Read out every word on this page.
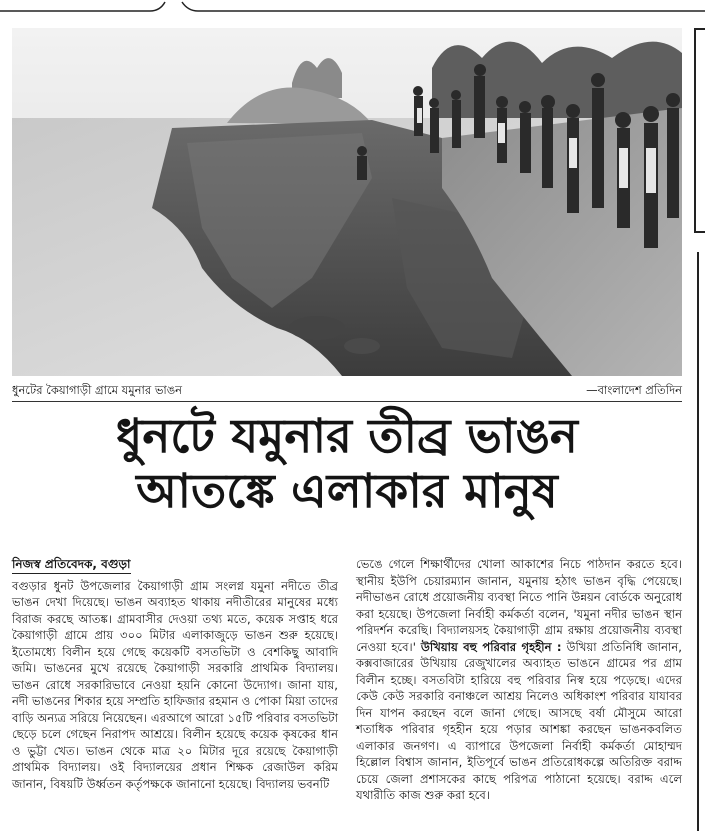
ধুনটের কৈয়াগাড়ী গ্রামে যমুনার ভাঙন	—বাংলাদেশ প্রতিদিন
ধুনটে যমুনার তীব্র ভাঙন
আতঙ্কে এলাকার মানুষ
নিজস্ব প্রতিবেদক, বগুড়া

বগুড়ার ধুনট উপজেলার কৈয়াগাড়ী গ্রাম সংলগ্ন যমুনা নদীতে তীব্র ভাঙন দেখা দিয়েছে। ভাঙন অব্যাহত থাকায় নদীতীরের মানুষের মধ্যে বিরাজ করছে আতঙ্ক। গ্রামবাসীর দেওয়া তথ্য মতে, কয়েক সপ্তাহ ধরে কৈয়াগাড়ী গ্রামে প্রায় ৩০০ মিটার এলাকাজুড়ে ভাঙন শুরু হয়েছে। ইতোমধ্যে বিলীন হয়ে গেছে কয়েকটি বসতভিটা ও বেশকিছু আবাদি জমি। ভাঙনের মুখে রয়েছে কৈয়াগাড়ী সরকারি প্রাথমিক বিদ্যালয়। ভাঙন রোধে সরকারিভাবে নেওয়া হয়নি কোনো উদ্যোগ। জানা যায়, নদী ভাঙনের শিকার হয়ে সম্প্রতি হাফিজার রহমান ও পোকা মিয়া তাদের বাড়ি অন্যত্র সরিয়ে নিয়েছেন। এরআগে আরো ১৫টি পরিবার বসতভিটা ছেড়ে চলে গেছেন নিরাপদ আশ্রয়ে। বিলীন হয়েছে কয়েক কৃষকের ধান ও ভুট্টা খেত। ভাঙন থেকে মাত্র ২০ মিটার দূরে রয়েছে কৈয়াগাড়ী প্রাথমিক বিদ্যালয়। ওই বিদ্যালয়ের প্রধান শিক্ষক রেজাউল করিম জানান, বিষয়টি উর্ধ্বতন কর্তৃপক্ষকে জানানো হয়েছে। বিদ্যালয় ভবনটি

ভেঙে গেলে শিক্ষার্থীদের খোলা আকাশের নিচে পাঠদান করতে হবে। স্থানীয় ইউপি চেয়ারম্যান জানান, যমুনায় হঠাৎ ভাঙন বৃদ্ধি পেয়েছে। নদীভাঙন রোধে প্রয়োজনীয় ব্যবস্থা নিতে পানি উন্নয়ন বোর্ডকে অনুরোধ করা হয়েছে। উপজেলা নির্বাহী কর্মকর্তা বলেন, 'যমুনা নদীর ভাঙন স্থান পরিদর্শন করেছি। বিদ্যালয়সহ কৈয়াগাড়ী গ্রাম রক্ষায় প্রয়োজনীয় ব্যবস্থা নেওয়া হবে।' উখিয়ায় বহু পরিবার গৃহহীন : উখিয়া প্রতিনিধি জানান, কক্সবাজারের উখিয়ায় রেজুখালের অব্যাহত ভাঙনে গ্রামের পর গ্রাম বিলীন হচ্ছে। বসতবিটা হারিয়ে বহু পরিবার নিস্ব হয়ে পড়েছে। এদের কেউ কেউ সরকারি বনাঞ্চলে আশ্রয় নিলেও অধিকাংশ পরিবার যাযাবর দিন যাপন করছেন বলে জানা গেছে। আসছে বর্ষা মৌসুমে আরো শতাধিক পরিবার গৃহহীন হয়ে পড়ার আশঙ্কা করছেন ভাঙনকবলিত এলাকার জনগণ। এ ব্যাপারে উপজেলা নির্বাহী কর্মকর্তা মোহাম্মদ হিল্লোল বিশ্বাস জানান, ইতিপূর্বে ভাঙন প্রতিরোধকল্পে অতিরিক্ত বরাদ্দ চেয়ে জেলা প্রশাসকের কাছে পরিপত্র পাঠানো হয়েছে। বরাদ্দ এলে যথারীতি কাজ শুরু করা হবে।
